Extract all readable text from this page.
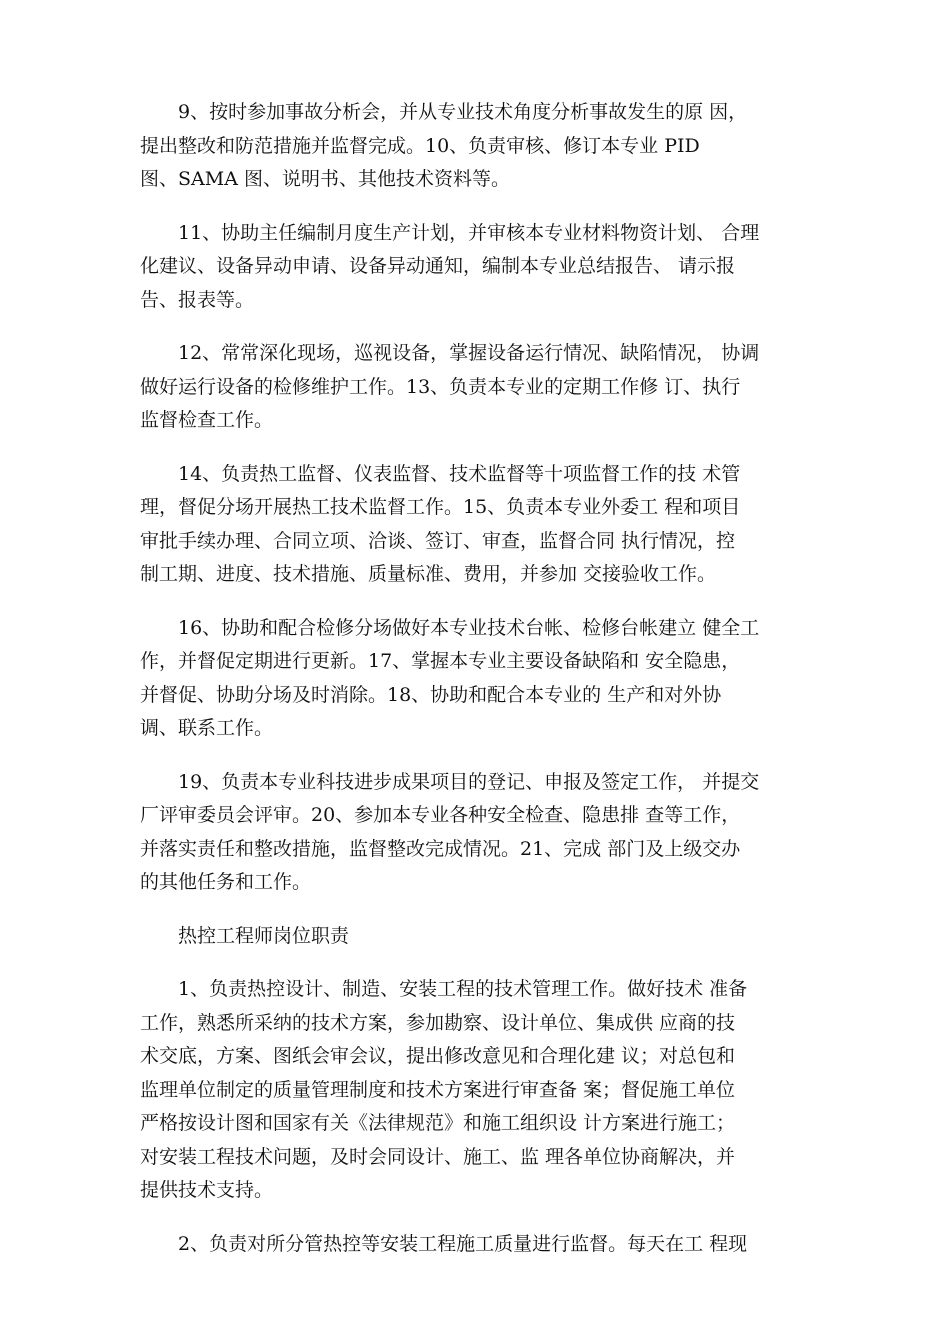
9、按时参加事故分析会，并从专业技术角度分析事故发生的原 因，
提出整改和防范措施并监督完成。10、负责审核、修订本专业 PID
图、SAMA 图、说明书、其他技术资料等。

11、协助主任编制月度生产计划，并审核本专业材料物资计划、 合理
化建议、设备异动申请、设备异动通知，编制本专业总结报告、 请示报
告、报表等。

12、常常深化现场，巡视设备，掌握设备运行情况、缺陷情况， 协调
做好运行设备的检修维护工作。13、负责本专业的定期工作修 订、执行
监督检查工作。

14、负责热工监督、仪表监督、技术监督等十项监督工作的技 术管
理，督促分场开展热工技术监督工作。15、负责本专业外委工 程和项目
审批手续办理、合同立项、洽谈、签订、审查，监督合同 执行情况，控
制工期、进度、技术措施、质量标准、费用，并参加 交接验收工作。

16、协助和配合检修分场做好本专业技术台帐、检修台帐建立 健全工
作，并督促定期进行更新。17、掌握本专业主要设备缺陷和 安全隐患，
并督促、协助分场及时消除。18、协助和配合本专业的 生产和对外协
调、联系工作。

19、负责本专业科技进步成果项目的登记、申报及签定工作， 并提交
厂评审委员会评审。20、参加本专业各种安全检查、隐患排 查等工作，
并落实责任和整改措施，监督整改完成情况。21、完成 部门及上级交办
的其他任务和工作。

热控工程师岗位职责

1、负责热控设计、制造、安装工程的技术管理工作。做好技术 准备
工作，熟悉所采纳的技术方案，参加勘察、设计单位、集成供 应商的技
术交底，方案、图纸会审会议，提出修改意见和合理化建 议；对总包和
监理单位制定的质量管理制度和技术方案进行审查备 案；督促施工单位
严格按设计图和国家有关《法律规范》和施工组织设 计方案进行施工；
对安装工程技术问题，及时会同设计、施工、监 理各单位协商解决，并
提供技术支持。

2、负责对所分管热控等安装工程施工质量进行监督。每天在工 程现
